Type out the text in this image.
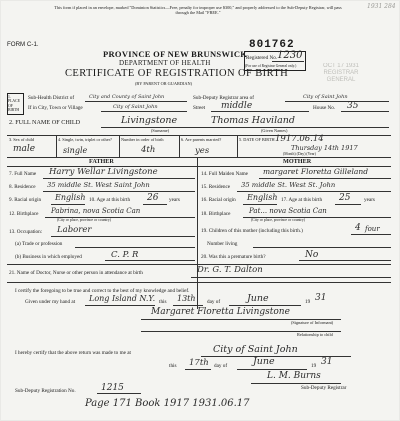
This form if placed in an envelope, marked "Dominion Statistics—Free, penalty for improper use $300," and properly addressed to the Sub-Deputy Registrar, will pass through the Mail "FREE."
1931 284
FORM C-1.	801762
PROVINCE OF NEW BRUNSWICK
DEPARTMENT OF HEALTH
CERTIFICATE OF REGISTRATION OF BIRTH
(BY PARENT OR GUARDIAN)
Registered No. 1230
(For use of Registrar General only.)	OCT 17 1931
REGISTRAR
GENERAL
1. PLACE OF BIRTH
Sub-Health District of	City and County of Saint John	Sub-Deputy Registrar area of	City of Saint John
If in City, Town or Village	City of Saint John	Street middle	House No. 35
2. FULL NAME OF CHILD	Livingstone	Thomas Haviland
(Surname)	(Given Names)
3. Sex of child
male
4. Single, twin, triplet or other?
single
Number in order of birth
4th
6. Are parents married?
yes
5. DATE OF BIRTH 1917.06.14
Thursday 14th 1917
(Month) (Day) (Year)
FATHER	MOTHER
7. Full Name Harry Wellar Livingstone
8. Residence 35 middle St. West Saint John
9. Racial origin English 10. Age at this birth 26 years
12. Birthplace Pabrina, nova Scotia Can
(City or place, province or country)
13. Occupation: Laborer
(a) Trade or profession
(b) Business in which employed	C. P. R
14. Full Maiden Name margaret Floretta Gilleland
15. Residence 35 middle St. West St. John
16. Racial origin English 17. Age at this birth 25	years
18. Birthplace	Pat... nova Scotia Can
(City or place, province or country)
19. Children of this mother (including this birth.)	4 four
Number living
20. Was this a premature birth?	No
21. Name of Doctor, Nurse or other person in attendance at birth	Dr. G. T. Dalton
I certify the foregoing to be true and correct to the best of my knowledge and belief.
Given under my hand at Long Island N.Y. this 13th day of	June	19 31
Margaret Floretta Livingstone
(Signature of Informant)
Relationship to child
I hereby certify that the above return was made to me at	City of Saint John
this 17th day of	June	19 31
L. M. Burns
Sub-Deputy Registrar
Sub-Deputy Registration No.	1215
Page 171 Book 1917 1931.06.17
